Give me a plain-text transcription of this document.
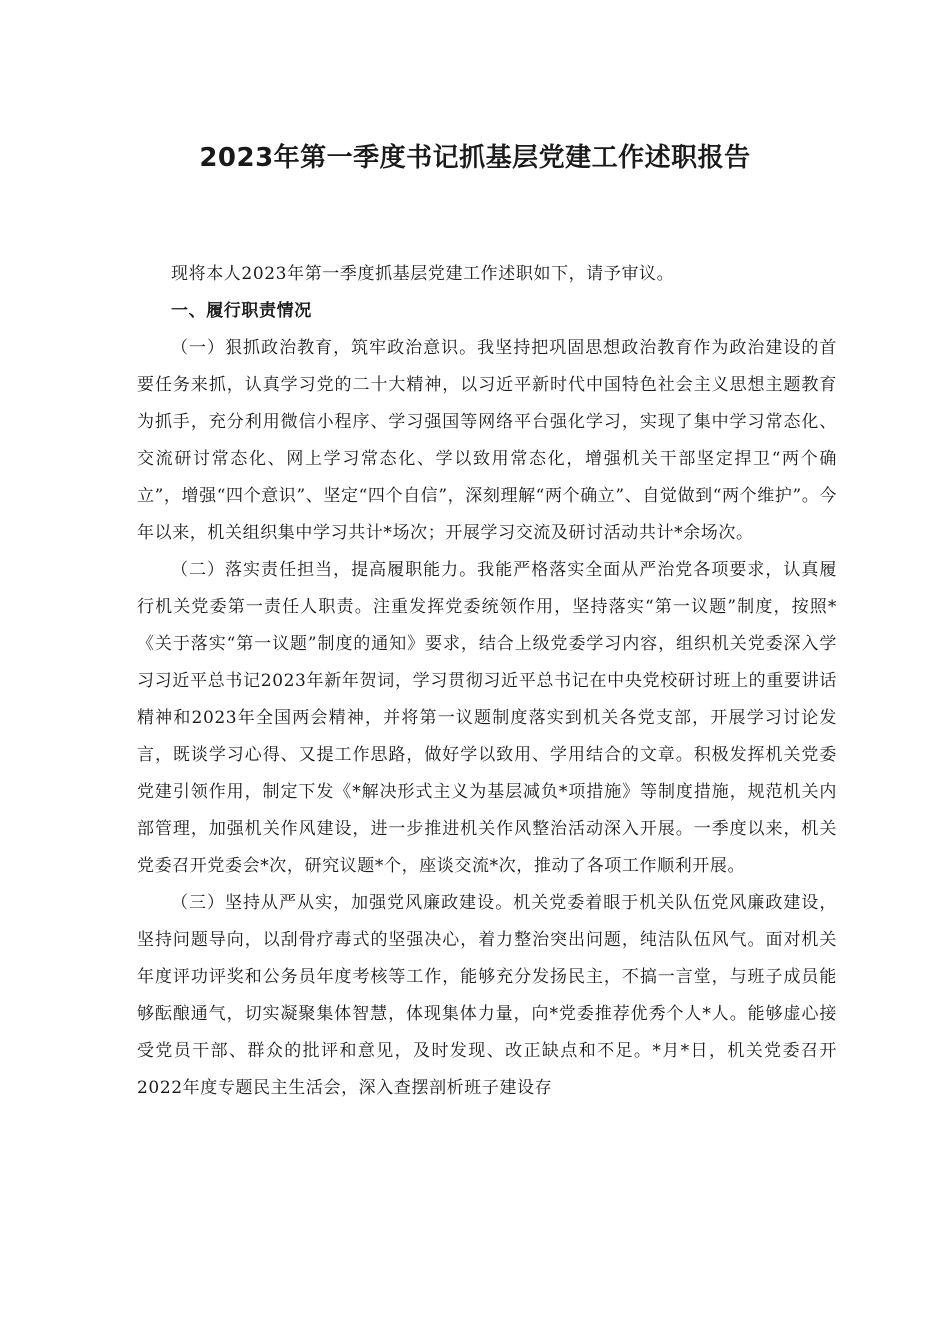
2023年第一季度书记抓基层党建工作述职报告

现将本人2023年第一季度抓基层党建工作述职如下，请予审议。

一、履行职责情况

（一）狠抓政治教育，筑牢政治意识。我坚持把巩固思想政治教育作为政治建设的首要任务来抓，认真学习党的二十大精神，以习近平新时代中国特色社会主义思想主题教育为抓手，充分利用微信小程序、学习强国等网络平台强化学习，实现了集中学习常态化、交流研讨常态化、网上学习常态化、学以致用常态化，增强机关干部坚定捍卫“两个确立”，增强“四个意识”、坚定“四个自信”，深刻理解“两个确立”、自觉做到“两个维护”。今年以来，机关组织集中学习共计*场次；开展学习交流及研讨活动共计*余场次。

（二）落实责任担当，提高履职能力。我能严格落实全面从严治党各项要求，认真履行机关党委第一责任人职责。注重发挥党委统领作用，坚持落实“第一议题”制度，按照*《关于落实“第一议题”制度的通知》要求，结合上级党委学习内容，组织机关党委深入学习习近平总书记2023年新年贺词，学习贯彻习近平总书记在中央党校研讨班上的重要讲话精神和2023年全国两会精神，并将第一议题制度落实到机关各党支部，开展学习讨论发言，既谈学习心得、又提工作思路，做好学以致用、学用结合的文章。积极发挥机关党委党建引领作用，制定下发《*解决形式主义为基层减负*项措施》等制度措施，规范机关内部管理，加强机关作风建设，进一步推进机关作风整治活动深入开展。一季度以来，机关党委召开党委会*次，研究议题*个，座谈交流*次，推动了各项工作顺利开展。

（三）坚持从严从实，加强党风廉政建设。机关党委着眼于机关队伍党风廉政建设，坚持问题导向，以刮骨疗毒式的坚强决心，着力整治突出问题，纯洁队伍风气。面对机关年度评功评奖和公务员年度考核等工作，能够充分发扬民主，不搞一言堂，与班子成员能够酝酿通气，切实凝聚集体智慧，体现集体力量，向*党委推荐优秀个人*人。能够虚心接受党员干部、群众的批评和意见，及时发现、改正缺点和不足。*月*日，机关党委召开2022年度专题民主生活会，深入查摆剖析班子建设存
